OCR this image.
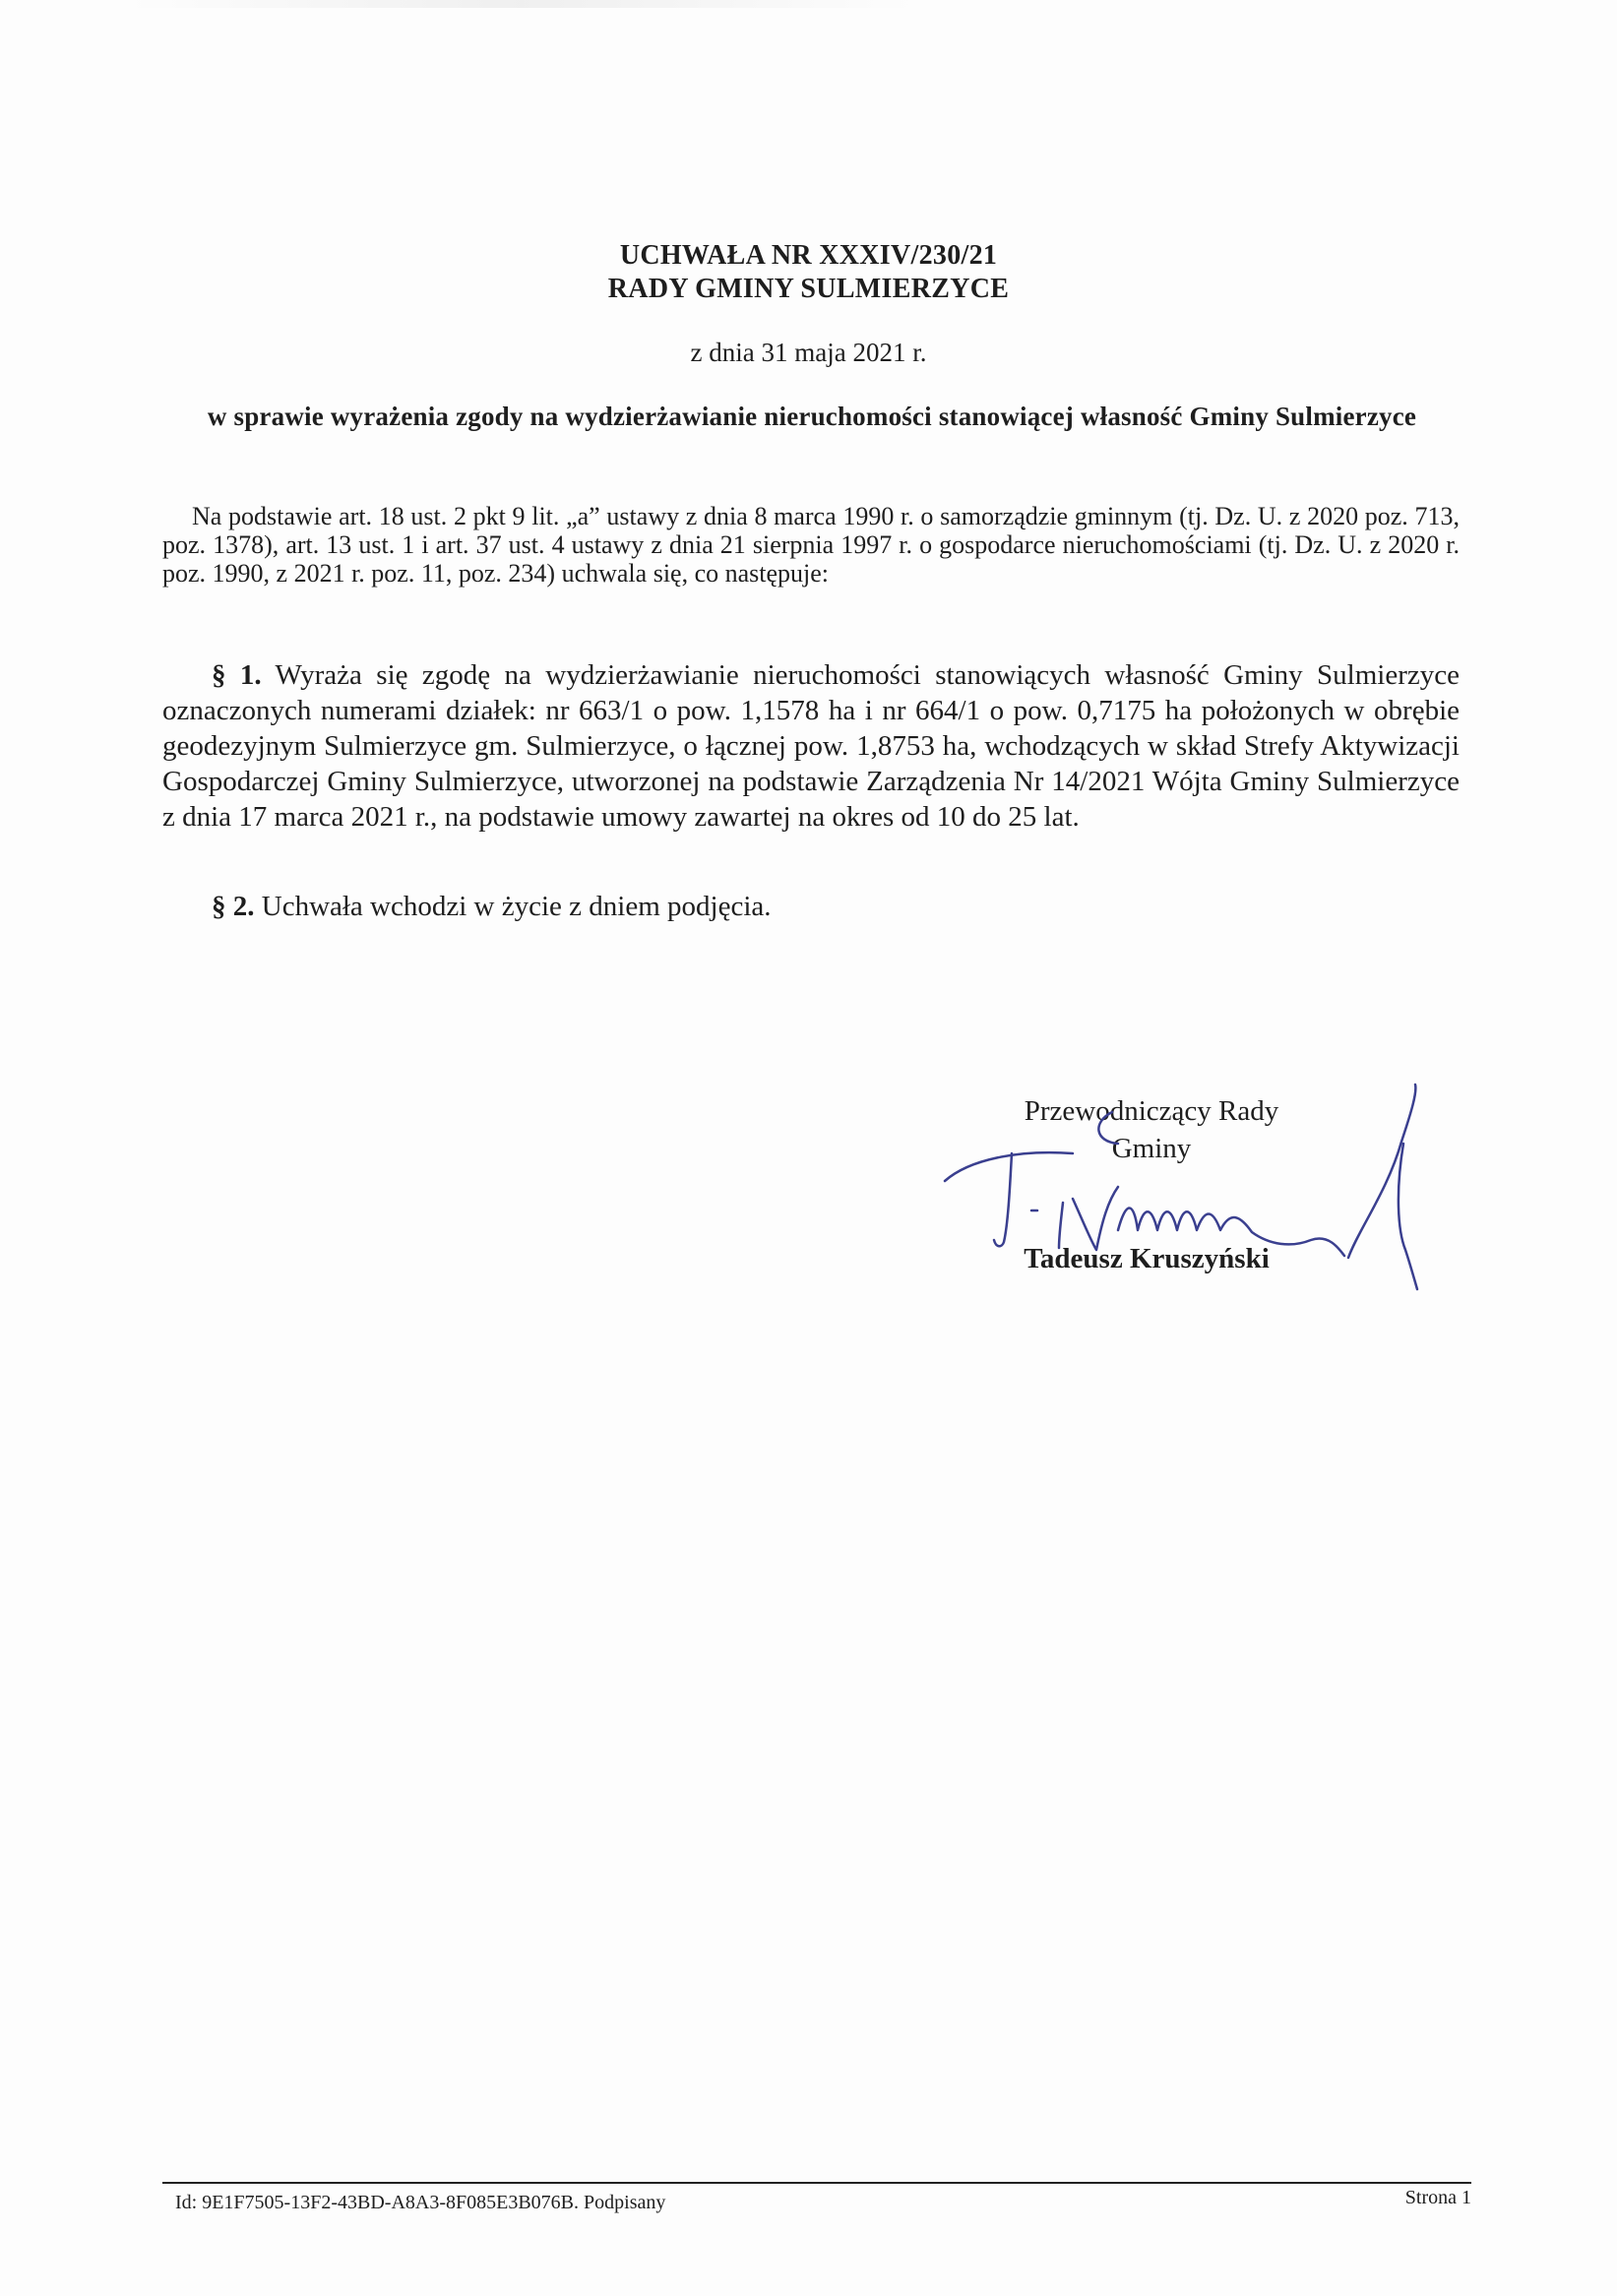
UCHWAŁA NR XXXIV/230/21
RADY GMINY SULMIERZYCE
z dnia 31 maja 2021 r.
w sprawie wyrażenia zgody na wydzierżawianie nieruchomości stanowiącej własność Gminy Sulmierzyce
Na podstawie art. 18 ust. 2 pkt 9 lit. „a” ustawy z dnia 8 marca 1990 r. o samorządzie gminnym (tj. Dz. U. z 2020 poz. 713, poz. 1378), art. 13 ust. 1 i art. 37 ust. 4 ustawy z dnia 21 sierpnia 1997 r. o gospodarce nieruchomościami (tj. Dz. U. z 2020 r. poz. 1990, z 2021 r. poz. 11, poz. 234) uchwala się, co następuje:
§ 1. Wyraża się zgodę na wydzierżawianie nieruchomości stanowiących własność Gminy Sulmierzyce oznaczonych numerami działek: nr 663/1 o pow. 1,1578 ha i nr 664/1 o pow. 0,7175 ha położonych w obrębie geodezyjnym Sulmierzyce gm. Sulmierzyce, o łącznej pow. 1,8753 ha, wchodzących w skład Strefy Aktywizacji Gospodarczej Gminy Sulmierzyce, utworzonej na podstawie Zarządzenia Nr 14/2021 Wójta Gminy Sulmierzyce z dnia 17 marca 2021 r., na podstawie umowy zawartej na okres od 10 do 25 lat.
§ 2. Uchwała wchodzi w życie z dniem podjęcia.
Przewodniczący Rady
Gminy
Tadeusz Kruszyński
Id: 9E1F7505-13F2-43BD-A8A3-8F085E3B076B. Podpisany	Strona 1
